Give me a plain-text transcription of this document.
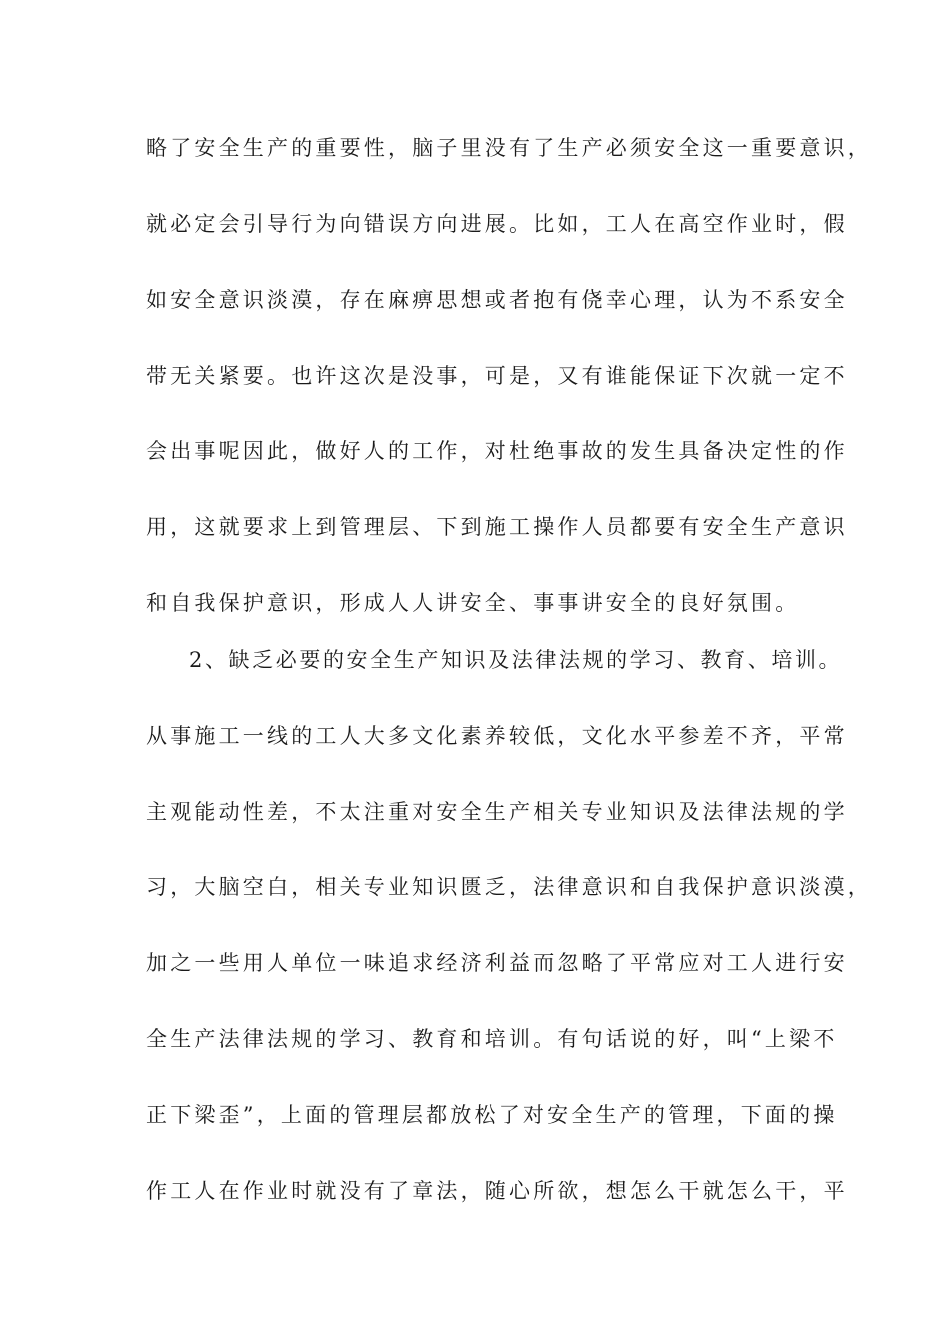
略了安全生产的重要性，脑子里没有了生产必须安全这一重要意识，
就必定会引导行为向错误方向进展。比如，工人在高空作业时，假
如安全意识淡漠，存在麻痹思想或者抱有侥幸心理，认为不系安全
带无关紧要。也许这次是没事，可是，又有谁能保证下次就一定不
会出事呢因此，做好人的工作，对杜绝事故的发生具备决定性的作
用，这就要求上到管理层、下到施工操作人员都要有安全生产意识
和自我保护意识，形成人人讲安全、事事讲安全的良好氛围。
2、缺乏必要的安全生产知识及法律法规的学习、教育、培训。
从事施工一线的工人大多文化素养较低，文化水平参差不齐，平常
主观能动性差，不太注重对安全生产相关专业知识及法律法规的学
习，大脑空白，相关专业知识匮乏，法律意识和自我保护意识淡漠，
加之一些用人单位一味追求经济利益而忽略了平常应对工人进行安
全生产法律法规的学习、教育和培训。有句话说的好，叫“上梁不
正下梁歪”，上面的管理层都放松了对安全生产的管理，下面的操
作工人在作业时就没有了章法，随心所欲，想怎么干就怎么干，平
